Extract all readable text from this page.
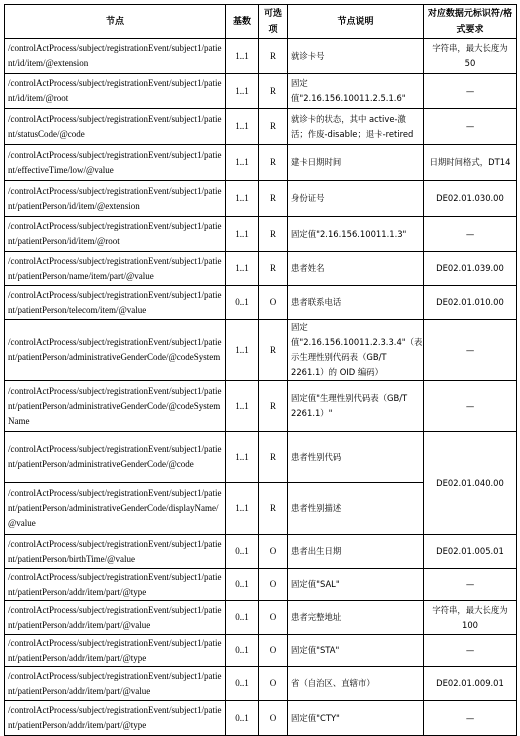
节点	基数	可选项	节点说明	对应数据元标识符/格式要求
/controlActProcess/subject/registrationEvent/subject1/patient/id/item/@extension	1..1	R	就诊卡号	字符串，最大长度为 50
/controlActProcess/subject/registrationEvent/subject1/patient/id/item/@root	1..1	R	固定值"2.16.156.10011.2.5.1.6"	—
/controlActProcess/subject/registrationEvent/subject1/patient/statusCode/@code	1..1	R	就诊卡的状态，其中 active-激活；作废-disable；退卡-retired	—
/controlActProcess/subject/registrationEvent/subject1/patient/effectiveTime/low/@value	1..1	R	建卡日期时间	日期时间格式，DT14
/controlActProcess/subject/registrationEvent/subject1/patient/patientPerson/id/item/@extension	1..1	R	身份证号	DE02.01.030.00
/controlActProcess/subject/registrationEvent/subject1/patient/patientPerson/id/item/@root	1..1	R	固定值"2.16.156.10011.1.3"	—
/controlActProcess/subject/registrationEvent/subject1/patient/patientPerson/name/item/part/@value	1..1	R	患者姓名	DE02.01.039.00
/controlActProcess/subject/registrationEvent/subject1/patient/patientPerson/telecom/item/@value	0..1	O	患者联系电话	DE02.01.010.00
/controlActProcess/subject/registrationEvent/subject1/patient/patientPerson/administrativeGenderCode/@codeSystem	1..1	R	固定值"2.16.156.10011.2.3.3.4"（表示生理性别代码表（GB/T 2261.1）的 OID 编码）	—
/controlActProcess/subject/registrationEvent/subject1/patient/patientPerson/administrativeGenderCode/@codeSystemName	1..1	R	固定值"生理性别代码表（GB/T 2261.1）"	—
/controlActProcess/subject/registrationEvent/subject1/patient/patientPerson/administrativeGenderCode/@code	1..1	R	患者性别代码	DE02.01.040.00
/controlActProcess/subject/registrationEvent/subject1/patient/patientPerson/administrativeGenderCode/displayName/@value	1..1	R	患者性别描述	
/controlActProcess/subject/registrationEvent/subject1/patient/patientPerson/birthTime/@value	0..1	O	患者出生日期	DE02.01.005.01
/controlActProcess/subject/registrationEvent/subject1/patient/patientPerson/addr/item/part/@type	0..1	O	固定值"SAL"	—
/controlActProcess/subject/registrationEvent/subject1/patient/patientPerson/addr/item/part/@value	0..1	O	患者完整地址	字符串，最大长度为 100
/controlActProcess/subject/registrationEvent/subject1/patient/patientPerson/addr/item/part/@type	0..1	O	固定值"STA"	—
/controlActProcess/subject/registrationEvent/subject1/patient/patientPerson/addr/item/part/@value	0..1	O	省（自治区、直辖市）	DE02.01.009.01
/controlActProcess/subject/registrationEvent/subject1/patient/patientPerson/addr/item/part/@type	0..1	O	固定值"CTY"	—
